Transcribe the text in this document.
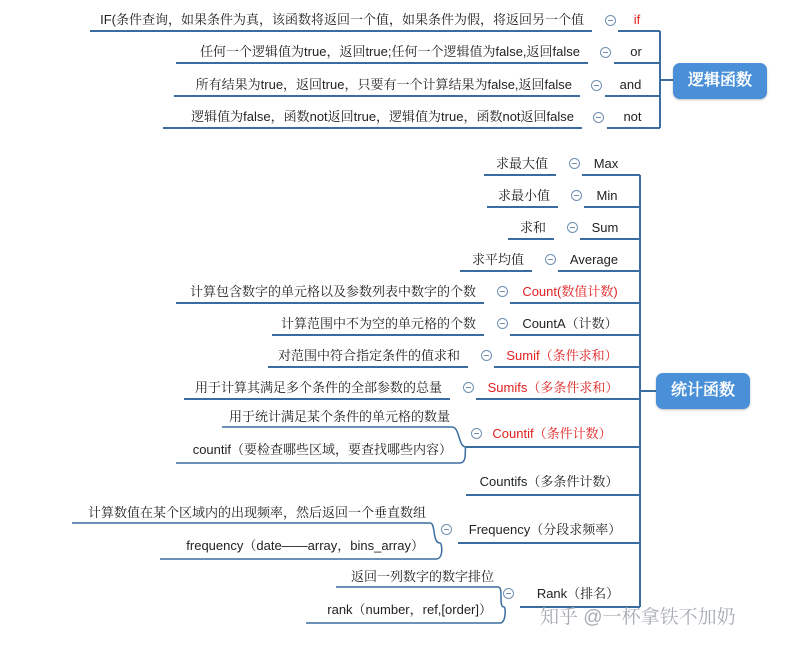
逻辑函数
统计函数
IF(条件查询，如果条件为真，该函数将返回一个值，如果条件为假，将返回另一个值	if
任何一个逻辑值为true，返回true;任何一个逻辑值为false,返回false	or
所有结果为true，返回true，只要有一个计算结果为false,返回false	and
逻辑值为false，函数not返回true，逻辑值为true，函数not返回false	not
求最大值	Max
求最小值	Min
求和	Sum
求平均值	Average
计算包含数字的单元格以及参数列表中数字的个数	Count(数值计数)
计算范围中不为空的单元格的个数	CountA（计数）
对范围中符合指定条件的值求和	Sumif（条件求和）
用于计算其满足多个条件的全部参数的总量	Sumifs（多条件求和）
Countif（条件计数）
用于统计满足某个条件的单元格的数量
countif（要检查哪些区域，要查找哪些内容）
Countifs（多条件计数）
Frequency（分段求频率）
计算数值在某个区域内的出现频率，然后返回一个垂直数组
frequency（date——array，bins_array）
Rank（排名）
返回一列数字的数字排位
rank（number，ref,[order]）	知乎 @一杯拿铁不加奶
